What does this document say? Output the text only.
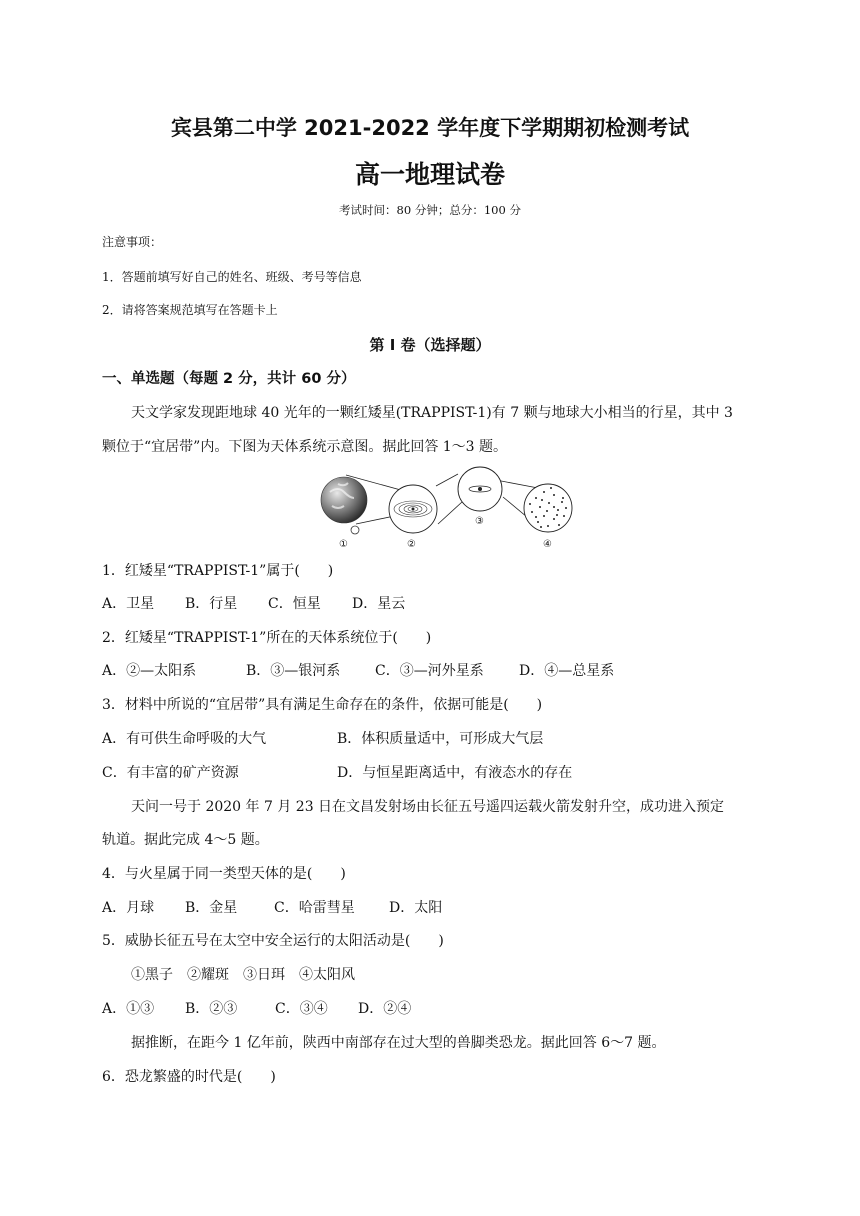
宾县第二中学 2021-2022 学年度下学期期初检测考试
高一地理试卷
考试时间：80 分钟；总分：100 分
注意事项：
1．答题前填写好自己的姓名、班级、考号等信息
2．请将答案规范填写在答题卡上
第 I 卷（选择题）
一、单选题（每题 2 分，共计 60 分）
天文学家发现距地球 40 光年的一颗红矮星(TRAPPIST-1)有 7 颗与地球大小相当的行星，其中 3
颗位于“宜居带”内。下图为天体系统示意图。据此回答 1～3 题。
①	②
③
④
1．红矮星“TRAPPIST-1”属于(　　)
A．卫星 B．行星 C．恒星 D．星云
2．红矮星“TRAPPIST-1”所在的天体系统位于(　　)
A．②—太阳系	B．③—银河系 C．③—河外星系	D．④—总星系
3．材料中所说的“宜居带”具有满足生命存在的条件，依据可能是(　　)
A．有可供生命呼吸的大气	B．体积质量适中，可形成大气层
C．有丰富的矿产资源	D．与恒星距离适中，有液态水的存在
天问一号于 2020 年 7 月 23 日在文昌发射场由长征五号遥四运载火箭发射升空，成功进入预定
轨道。据此完成 4～5 题。
4．与火星属于同一类型天体的是(　　)
A．月球 B．金星	C．哈雷彗星 D．太阳
5．威胁长征五号在太空中安全运行的太阳活动是(　　)
①黑子　②耀斑　③日珥　④太阳风
A．①③ B．②③	C．③④ D．②④
据推断，在距今 1 亿年前，陕西中南部存在过大型的兽脚类恐龙。据此回答 6～7 题。
6．恐龙繁盛的时代是(　　)
